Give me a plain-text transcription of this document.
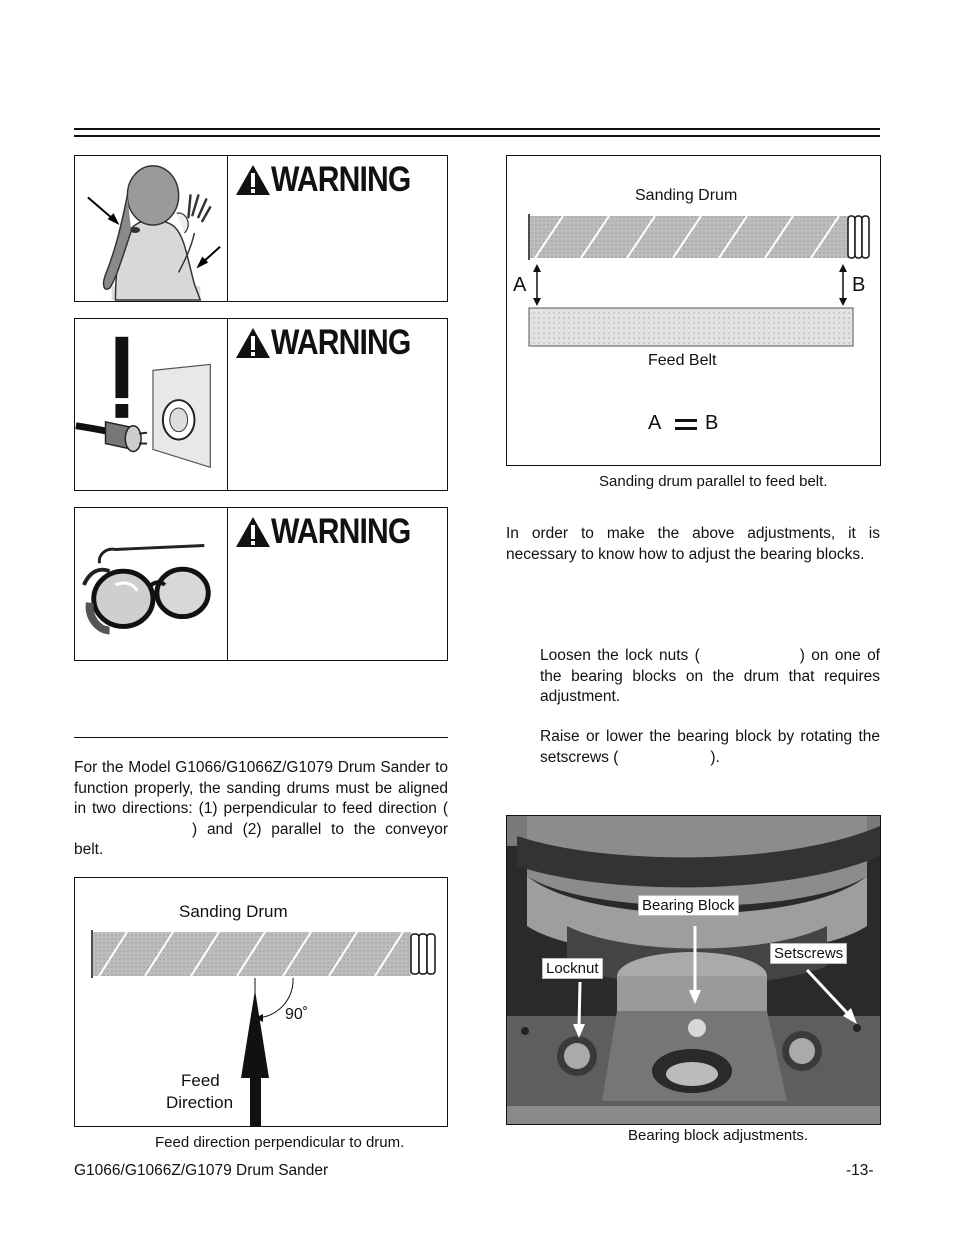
WARNING
WARNING
WARNING
For the Model G1066/G1066Z/G1079 Drum Sander to function properly, the sanding drums must be aligned in two directions: (1) perpendicular to feed direction () and (2) parallel to the conveyor belt.
Sanding Drum
90˚
Feed
Direction
Feed direction perpendicular to drum.
Sanding Drum
A	B
Feed Belt
A B
Sanding drum parallel to feed belt.
In order to make the above adjustments, it is necessary to know how to adjust the bearing blocks.
Loosen the lock nuts (	) on one of the bearing blocks on the drum that requires adjustment.
Raise or lower the bearing block by rotating the setscrews (	).
Bearing Block
Setscrews
Locknut
Bearing block adjustments.
G1066/G1066Z/G1079 Drum Sander	-13-
